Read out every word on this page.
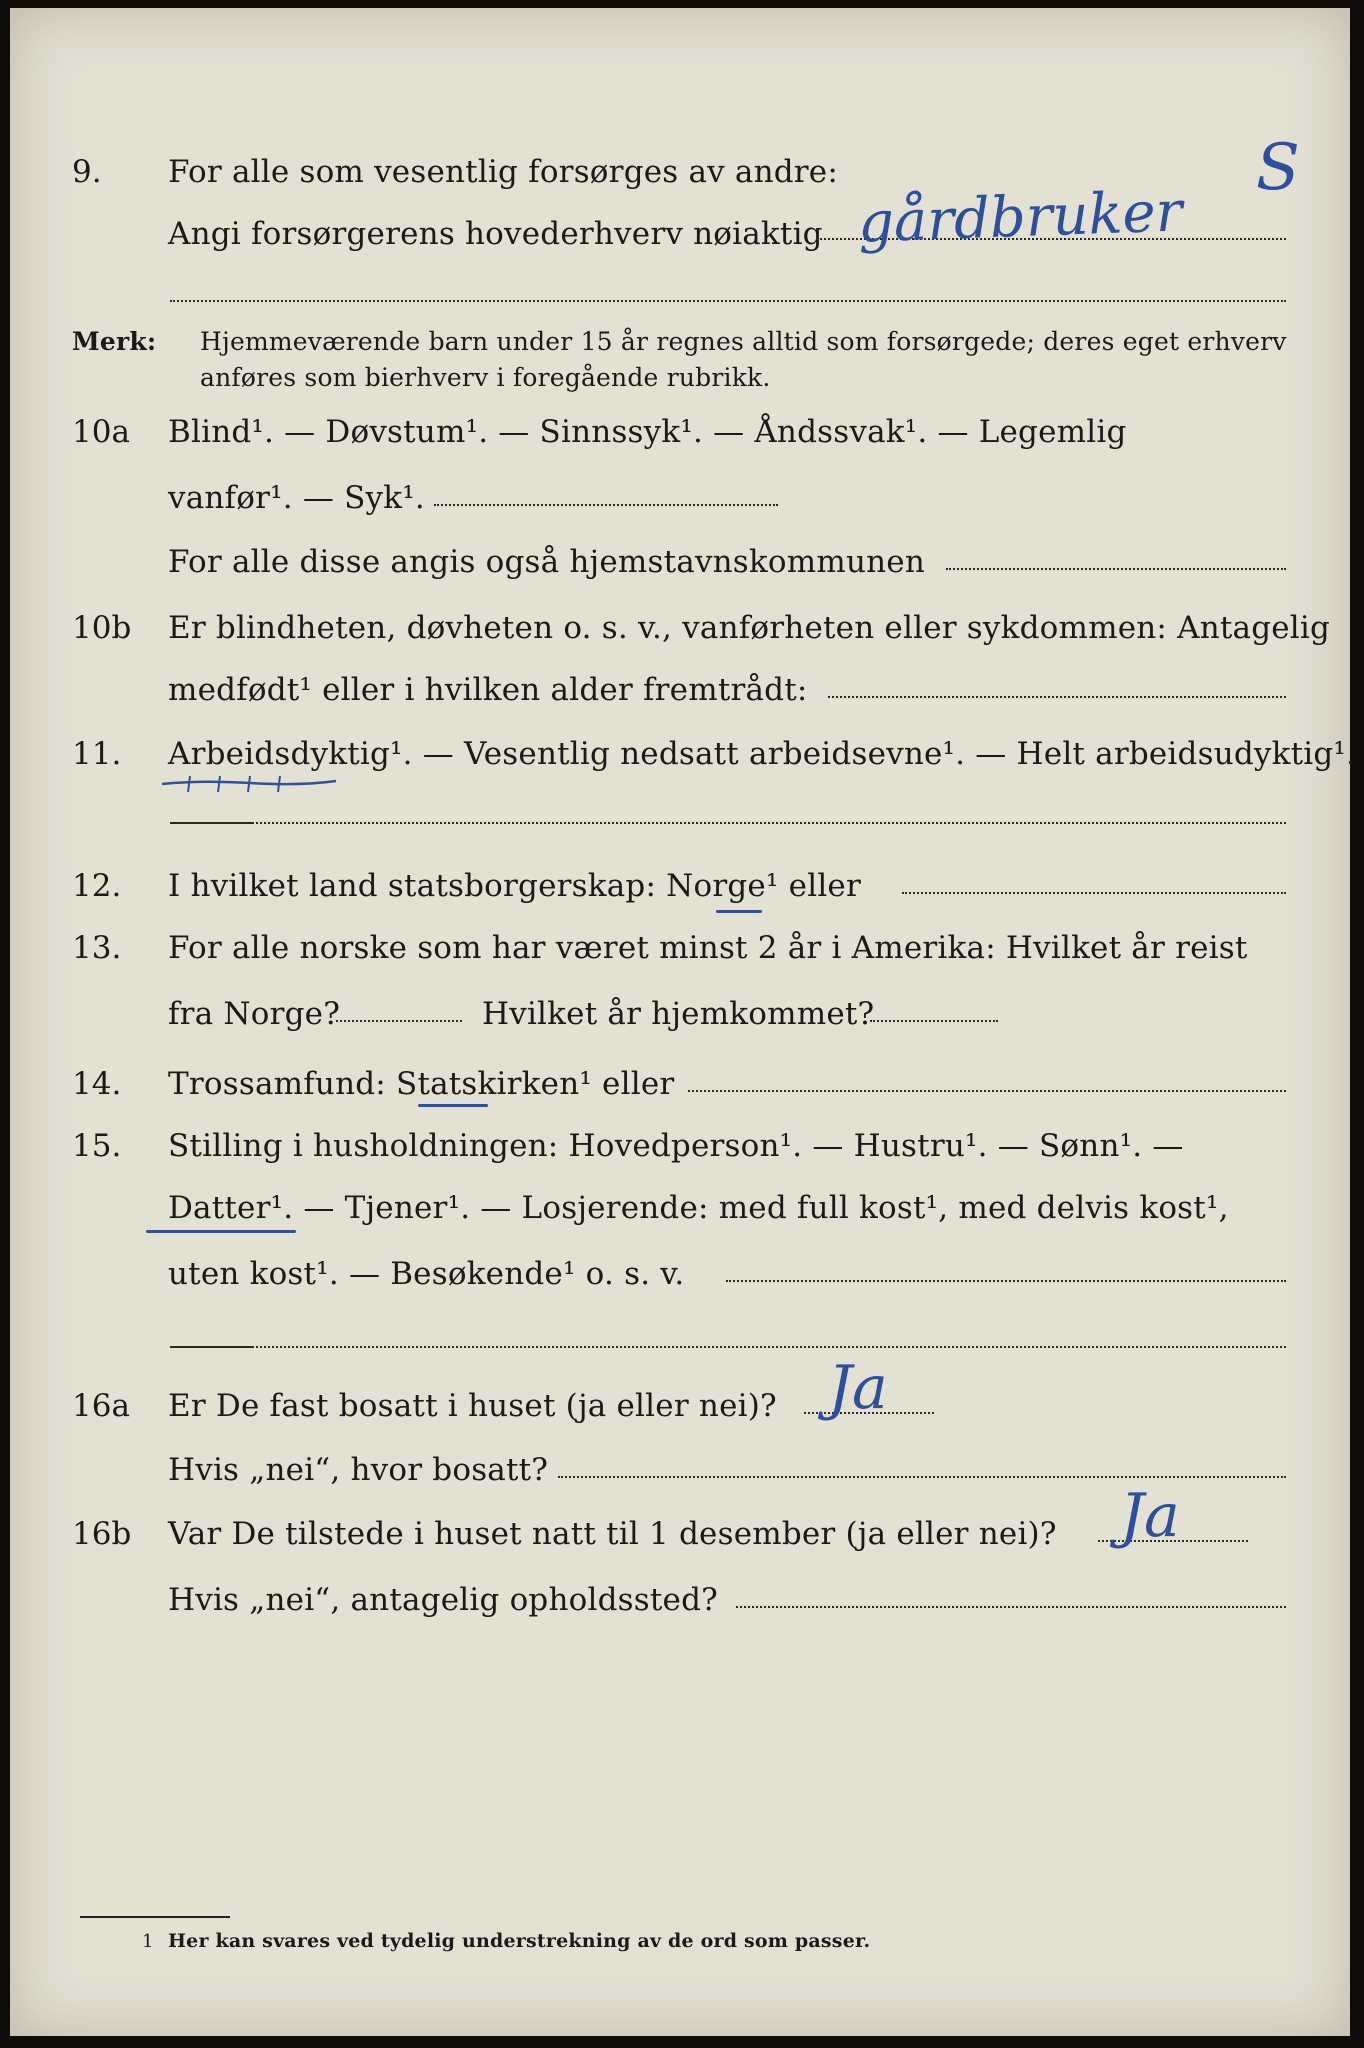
9. For alle som vesentlig forsørges av andre:
Angi forsørgerens hovederhverv nøiaktig gårdbruker
S
Merk: Hjemmeværende barn under 15 år regnes alltid som forsørgede; deres eget erhverv
anføres som bierhverv i foregående rubrikk.
10a Blind¹. — Døvstum¹. — Sinnssyk¹. — Åndssvak¹. — Legemlig
vanfør¹. — Syk¹.
For alle disse angis også hjemstavnskommunen
10b Er blindheten, døvheten o. s. v., vanførheten eller sykdommen: Antagelig
medfødt¹ eller i hvilken alder fremtrådt:
11. Arbeidsdyktig¹. — Vesentlig nedsatt arbeidsevne¹. — Helt arbeidsudyktig¹.
12. I hvilket land statsborgerskap: Norge¹ eller
13. For alle norske som har været minst 2 år i Amerika: Hvilket år reist
fra Norge?	Hvilket år hjemkommet?
14. Trossamfund: Statskirken¹ eller
15. Stilling i husholdningen: Hovedperson¹. — Hustru¹. — Sønn¹. —
Datter¹. — Tjener¹. — Losjerende: med full kost¹, med delvis kost¹,
uten kost¹. — Besøkende¹ o. s. v.
16a Er De fast bosatt i huset (ja eller nei)? Ja
Hvis „nei“, hvor bosatt?
16b Var De tilstede i huset natt til 1 desember (ja eller nei)? Ja
Hvis „nei“, antagelig opholdssted?
1 Her kan svares ved tydelig understrekning av de ord som passer.
